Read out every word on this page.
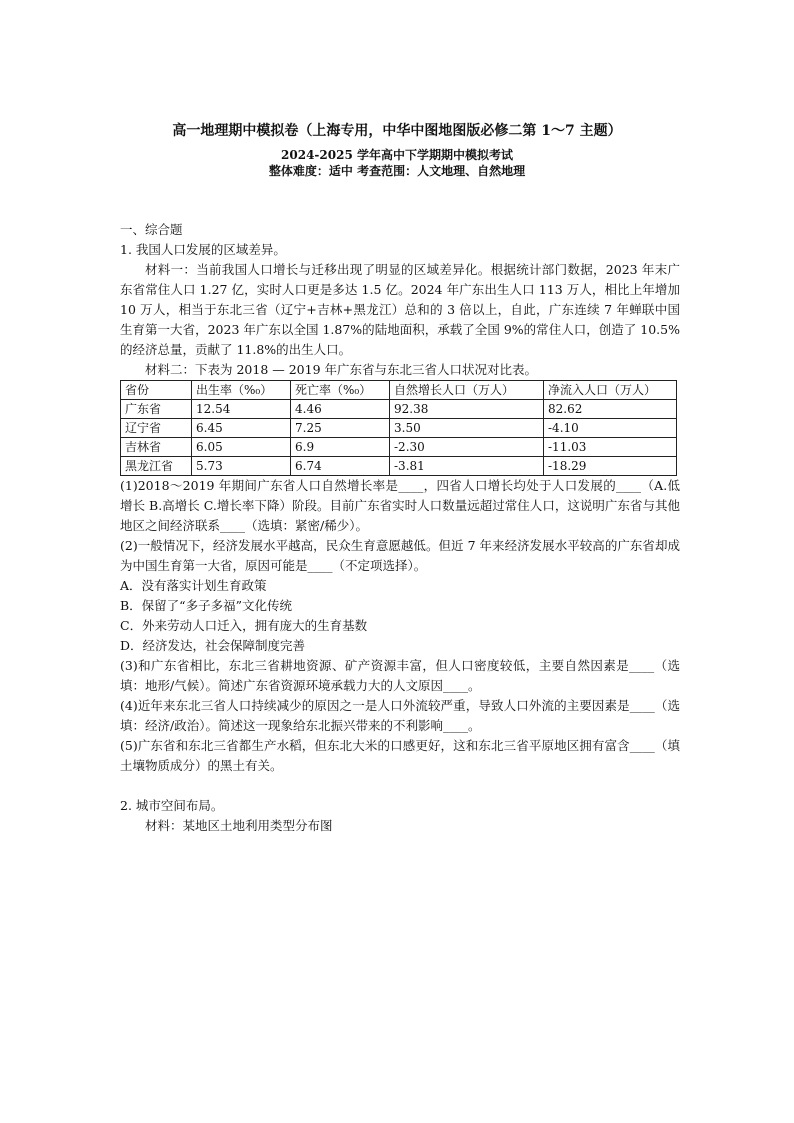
高一地理期中模拟卷（上海专用，中华中图地图版必修二第 1～7 主题）
2024-2025 学年高中下学期期中模拟考试
整体难度：适中 考查范围：人文地理、自然地理
一、综合题
1. 我国人口发展的区域差异。

材料一：当前我国人口增长与迁移出现了明显的区域差异化。根据统计部门数据，2023 年末广东省常住人口 1.27 亿，实时人口更是多达 1.5 亿。2024 年广东出生人口 113 万人，相比上年增加 10 万人，相当于东北三省（辽宁+吉林+黑龙江）总和的 3 倍以上，自此，广东连续 7 年蝉联中国生育第一大省，2023 年广东以全国 1.87%的陆地面积，承载了全国 9%的常住人口，创造了 10.5%的经济总量，贡献了 11.8%的出生人口。

材料二：下表为 2018 — 2019 年广东省与东北三省人口状况对比表。
省份	出生率（%₀）	死亡率（%₀）	自然增长人口（万人）	净流入人口（万人）
广东省	12.54	4.46	92.38	82.62
辽宁省	6.45	7.25	3.50	-4.10
吉林省	6.05	6.9	-2.30	-11.03
黑龙江省	5.73	6.74	-3.81	-18.29
(1)2018～2019 年期间广东省人口自然增长率是____，四省人口增长均处于人口发展的____（A.低增长 B.高增长 C.增长率下降）阶段。目前广东省实时人口数量远超过常住人口，这说明广东省与其他地区之间经济联系____（选填：紧密/稀少）。
(2)一般情况下，经济发展水平越高，民众生育意愿越低。但近 7 年来经济发展水平较高的广东省却成为中国生育第一大省，原因可能是____（不定项选择）。
A．没有落实计划生育政策
B．保留了“多子多福”文化传统
C．外来劳动人口迁入，拥有庞大的生育基数
D．经济发达，社会保障制度完善
(3)和广东省相比，东北三省耕地资源、矿产资源丰富，但人口密度较低，主要自然因素是____（选填：地形/气候）。简述广东省资源环境承载力大的人文原因____。
(4)近年来东北三省人口持续减少的原因之一是人口外流较严重，导致人口外流的主要因素是____（选填：经济/政治）。简述这一现象给东北振兴带来的不利影响____。
(5)广东省和东北三省都生产水稻，但东北大米的口感更好，这和东北三省平原地区拥有富含____（填土壤物质成分）的黑土有关。
2. 城市空间布局。
材料：某地区土地利用类型分布图
